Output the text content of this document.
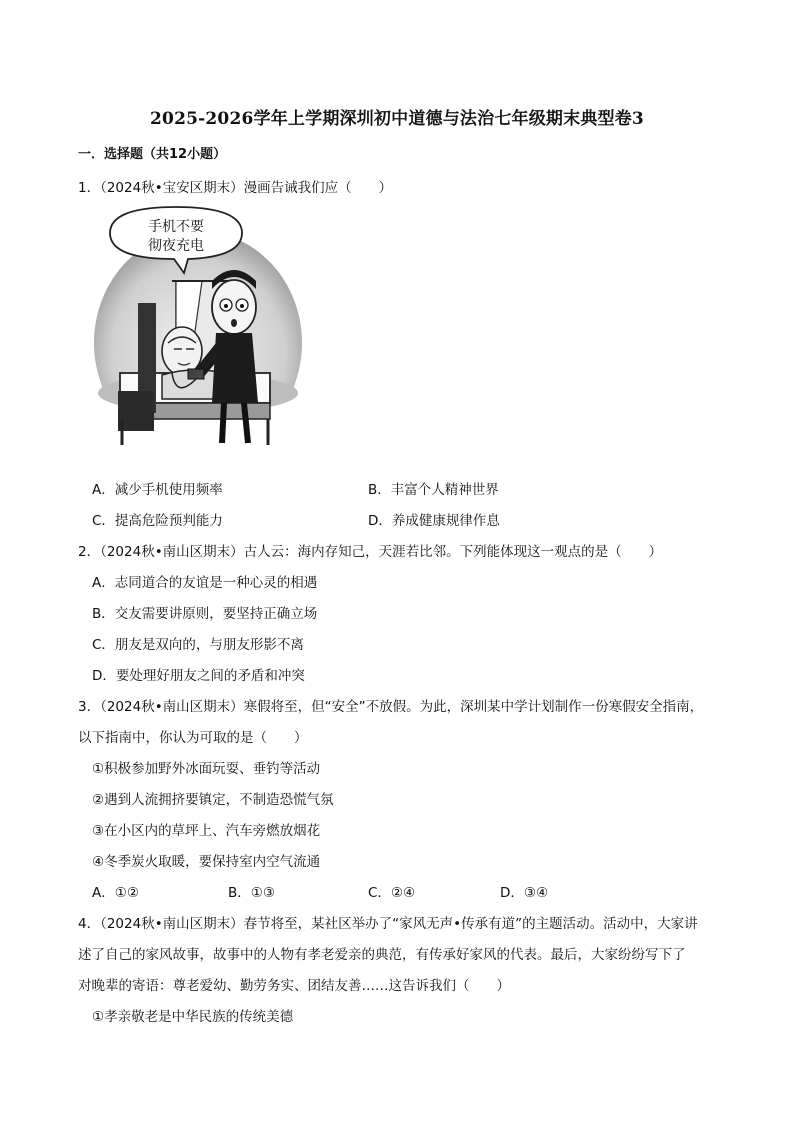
2025-2026学年上学期深圳初中道德与法治七年级期末典型卷3
一．选择题（共12小题）
1．（2024秋•宝安区期末）漫画告诫我们应（　　）
手机不要
彻夜充电
A．减少手机使用频率	B．丰富个人精神世界
C．提高危险预判能力	D．养成健康规律作息
2．（2024秋•南山区期末）古人云：海内存知己，天涯若比邻。下列能体现这一观点的是（　　）
A．志同道合的友谊是一种心灵的相遇
B．交友需要讲原则，要坚持正确立场
C．朋友是双向的，与朋友形影不离
D．要处理好朋友之间的矛盾和冲突
3．（2024秋•南山区期末）寒假将至，但“安全”不放假。为此，深圳某中学计划制作一份寒假安全指南，
以下指南中，你认为可取的是（　　）
①积极参加野外冰面玩耍、垂钓等活动
②遇到人流拥挤要镇定，不制造恐慌气氛
③在小区内的草坪上、汽车旁燃放烟花
④冬季炭火取暖，要保持室内空气流通
A．①②	B．①③	C．②④	D．③④
4．（2024秋•南山区期末）春节将至，某社区举办了“家风无声•传承有道”的主题活动。活动中，大家讲
述了自己的家风故事，故事中的人物有孝老爱亲的典范，有传承好家风的代表。最后，大家纷纷写下了
对晚辈的寄语：尊老爱幼、勤劳务实、团结友善……这告诉我们（　　）
①孝亲敬老是中华民族的传统美德
